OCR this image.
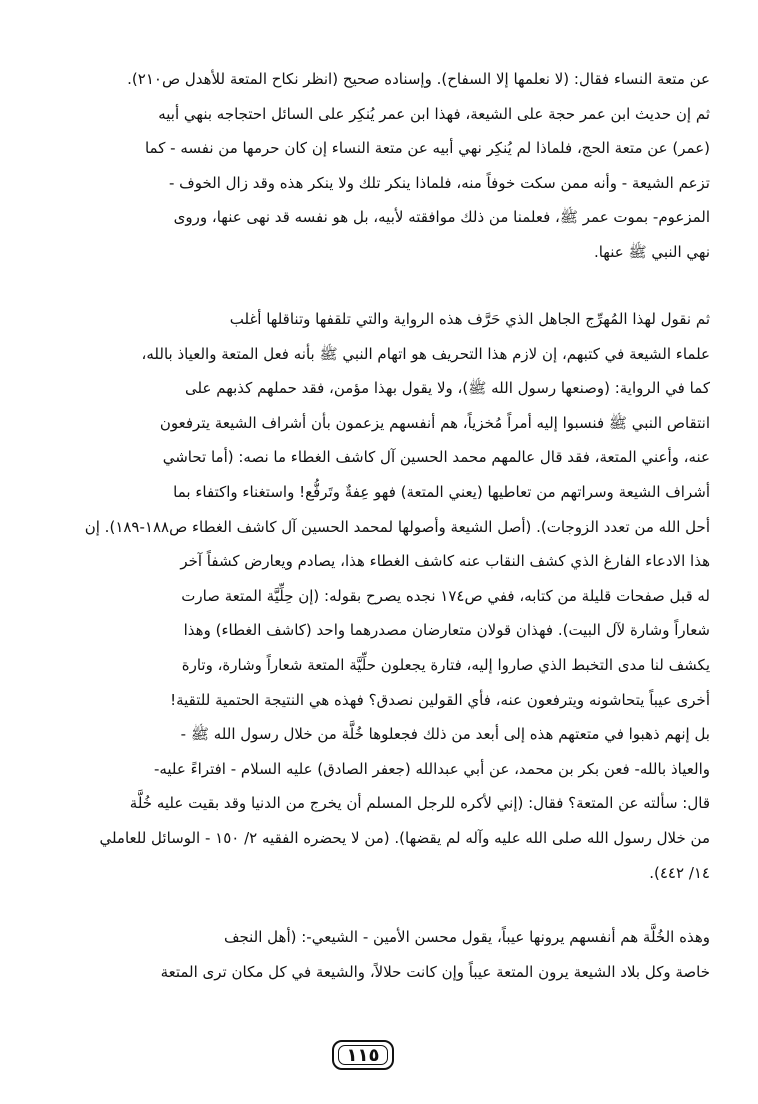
عن متعة النساء فقال: (لا نعلمها إلا السفاح). وإسناده صحيح (انظر نكاح المتعة للأهدل ص٢١٠).
ثم إن حديث ابن عمر حجة على الشيعة، فهذا ابن عمر يُنكِر على السائل احتجاجه بنهي أبيه
(عمر) عن متعة الحج، فلماذا لم يُنكِر نهي أبيه عن متعة النساء إن كان حرمها من نفسه - كما
تزعم الشيعة - وأنه ممن سكت خوفاً منه، فلماذا ينكر تلك ولا ينكر هذه وقد زال الخوف -
المزعوم- بموت عمر ﷺ، فعلمنا من ذلك موافقته لأبيه، بل هو نفسه قد نهى عنها، وروى
نهي النبي ﷺ عنها.
ثم نقول لهذا المُهرِّج الجاهل الذي حَرَّف هذه الرواية والتي تلقفها وتناقلها أغلب
علماء الشيعة في كتبهم، إن لازم هذا التحريف هو اتهام النبي ﷺ بأنه فعل المتعة والعياذ بالله،
كما في الرواية: (وصنعها رسول الله ﷺ)، ولا يقول بهذا مؤمن، فقد حملهم كذبهم على
انتقاص النبي ﷺ فنسبوا إليه أمراً مُخزياً، هم أنفسهم يزعمون بأن أشراف الشيعة يترفعون
عنه، وأعني المتعة، فقد قال عالمهم محمد الحسين آل كاشف الغطاء ما نصه: (أما تحاشي
أشراف الشيعة وسراتهم من تعاطيها (يعني المتعة) فهو عِفةٌ وتَرفُّع! واستغناء واكتفاء بما
أحل الله من تعدد الزوجات). (أصل الشيعة وأصولها لمحمد الحسين آل كاشف الغطاء ص١٨٨-١٨٩). إن
هذا الادعاء الفارغ الذي كشف النقاب عنه كاشف الغطاء هذا، يصادم ويعارض كشفاً آخر
له قبل صفحات قليلة من كتابه، ففي ص١٧٤ نجده يصرح بقوله: (إن حِلِّيَّة المتعة صارت
شعاراً وشارة لآل البيت). فهذان قولان متعارضان مصدرهما واحد (كاشف الغطاء) وهذا
يكشف لنا مدى التخبط الذي صاروا إليه، فتارة يجعلون حلِّيَّة المتعة شعاراً وشارة، وتارة
أخرى عيباً يتحاشونه ويترفعون عنه، فأي القولين نصدق؟ فهذه هي النتيجة الحتمية للتقية!
بل إنهم ذهبوا في متعتهم هذه إلى أبعد من ذلك فجعلوها خُلَّة من خلال رسول الله ﷺ -
والعياذ بالله- فعن بكر بن محمد، عن أبي عبدالله (جعفر الصادق) عليه السلام - افتراءً عليه-
قال: سألته عن المتعة؟ فقال: (إني لأكره للرجل المسلم أن يخرج من الدنيا وقد بقيت عليه خُلَّة
من خلال رسول الله صلى الله عليه وآله لم يقضها). (من لا يحضره الفقيه ٢/ ١٥٠ - الوسائل للعاملي
١٤/ ٤٤٢).
وهذه الخُلَّة هم أنفسهم يرونها عيباً، يقول محسن الأمين - الشيعي-: (أهل النجف
خاصة وكل بلاد الشيعة يرون المتعة عيباً وإن كانت حلالاً، والشيعة في كل مكان ترى المتعة
١١٥
